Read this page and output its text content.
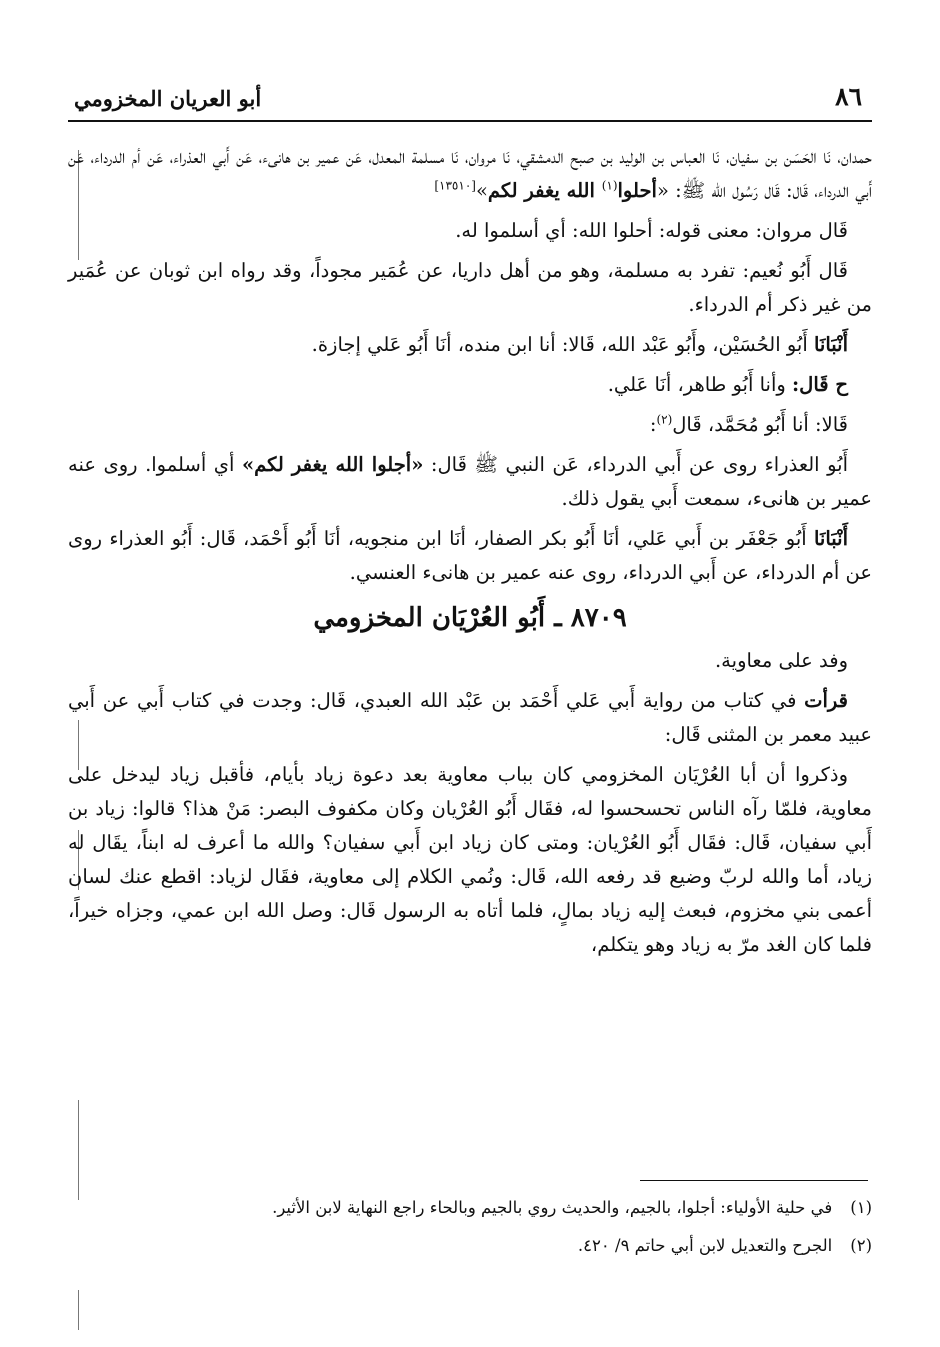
٨٦
أبو العريان المخزومي

حمدان، نَا الحَسَن بن سفيان، نَا العباس بن الوليد بن صبح الدمشقي، نَا مروان، نَا مسلمة المعدل، عَن عمير بن هانىء، عَن أَبي العذراء، عَن أم الدرداء، عَن أَبي الدرداء، قَال: قَال رَسُول الله ﷺ: «أحلوا$^{(١)}$ الله يغفر لكم»[١٣٥١٠]

قَال مروان: معنى قوله: أحلوا الله: أي أسلموا له.

قَال أَبُو نُعيم: تفرد به مسلمة، وهو من أهل داريا، عن عُمَير مجوداً، وقد رواه ابن ثوبان عن عُمَير من غير ذكر أم الدرداء.

أَنْبَانَا أَبُو الحُسَيْن، وأَبُو عَبْد الله، قَالا: أنا ابن منده، أنَا أَبُو عَلي إجازة.

ح قَال: وأنا أَبُو طاهر، أنَا عَلي.

قَالا: أنا أَبُو مُحَمَّد، قَال$^{(٢)}$:

أَبُو العذراء روى عن أَبي الدرداء، عَن النبي ﷺ قَال: «أجلوا الله يغفر لكم» أي أسلموا. روى عنه عمير بن هانىء، سمعت أَبي يقول ذلك.

أَنْبَانَا أَبُو جَعْفَر بن أَبي عَلي، أنَا أَبُو بكر الصفار، أنَا ابن منجويه، أنَا أَبُو أَحْمَد، قَال: أَبُو العذراء روى عن أم الدرداء، عن أَبي الدرداء، روى عنه عمير بن هانىء العنسي.

٨٧٠٩ ـ أَبُو العُرْيَان المخزومي

وفد على معاوية.

قرأت في كتاب من رواية أَبي عَلي أَحْمَد بن عَبْد الله العبدي، قَال: وجدت في كتاب أَبي عن أَبي عبيد معمر بن المثنى قَال:

وذكروا أن أبا العُرْيَان المخزومي كان بباب معاوية بعد دعوة زياد بأيام، فأقبل زياد ليدخل على معاوية، فلمّا رآه الناس تحسحسوا له، فقَال أَبُو العُرْيان وكان مكفوف البصر: مَنْ هذا؟ قالوا: زياد بن أَبي سفيان، قَال: فقَال أَبُو العُرْيان: ومتى كان زياد ابن أَبي سفيان؟ والله ما أعرف له ابناً، يقَال له زياد، أما والله لربّ وضيع قد رفعه الله، قَال: ونُمي الكلام إلى معاوية، فقَال لزياد: اقطع عنك لسان أعمى بني مخزوم، فبعث إليه زياد بمالٍ، فلما أتاه به الرسول قَال: وصل الله ابن عمي، وجزاه خيراً، فلما كان الغد مرّ به زياد وهو يتكلم،

(١)في حلية الأولياء: أجلوا، بالجيم، والحديث روي بالجيم وبالحاء راجع النهاية لابن الأثير.
(٢)الجرح والتعديل لابن أبي حاتم ٩/ ٤٢٠.
